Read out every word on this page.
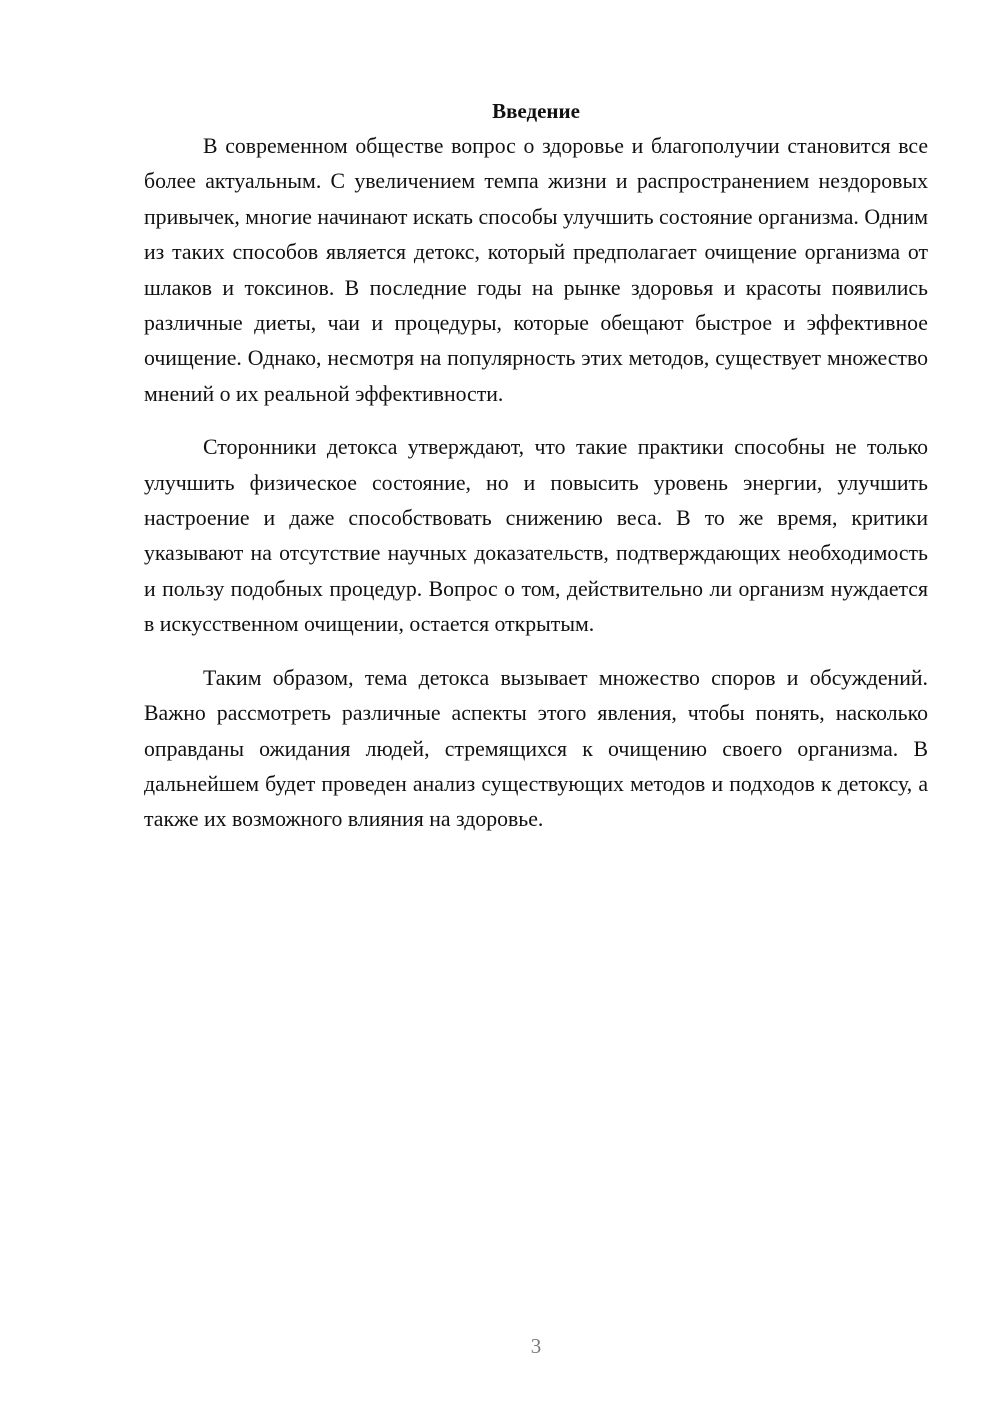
Введение

В современном обществе вопрос о здоровье и благополучии становится все более актуальным. С увеличением темпа жизни и распространением нездоровых привычек, многие начинают искать способы улучшить состояние организма. Одним из таких способов является детокс, который предполагает очищение организма от шлаков и токсинов. В последние годы на рынке здоровья и красоты появились различные диеты, чаи и процедуры, которые обещают быстрое и эффективное очищение. Однако, несмотря на популярность этих методов, существует множество мнений о их реальной эффективности.

Сторонники детокса утверждают, что такие практики способны не только улучшить физическое состояние, но и повысить уровень энергии, улучшить настроение и даже способствовать снижению веса. В то же время, критики указывают на отсутствие научных доказательств, подтверждающих необходимость и пользу подобных процедур. Вопрос о том, действительно ли организм нуждается в искусственном очищении, остается открытым.

Таким образом, тема детокса вызывает множество споров и обсуждений. Важно рассмотреть различные аспекты этого явления, чтобы понять, насколько оправданы ожидания людей, стремящихся к очищению своего организма. В дальнейшем будет проведен анализ существующих методов и подходов к детоксу, а также их возможного влияния на здоровье.

3
